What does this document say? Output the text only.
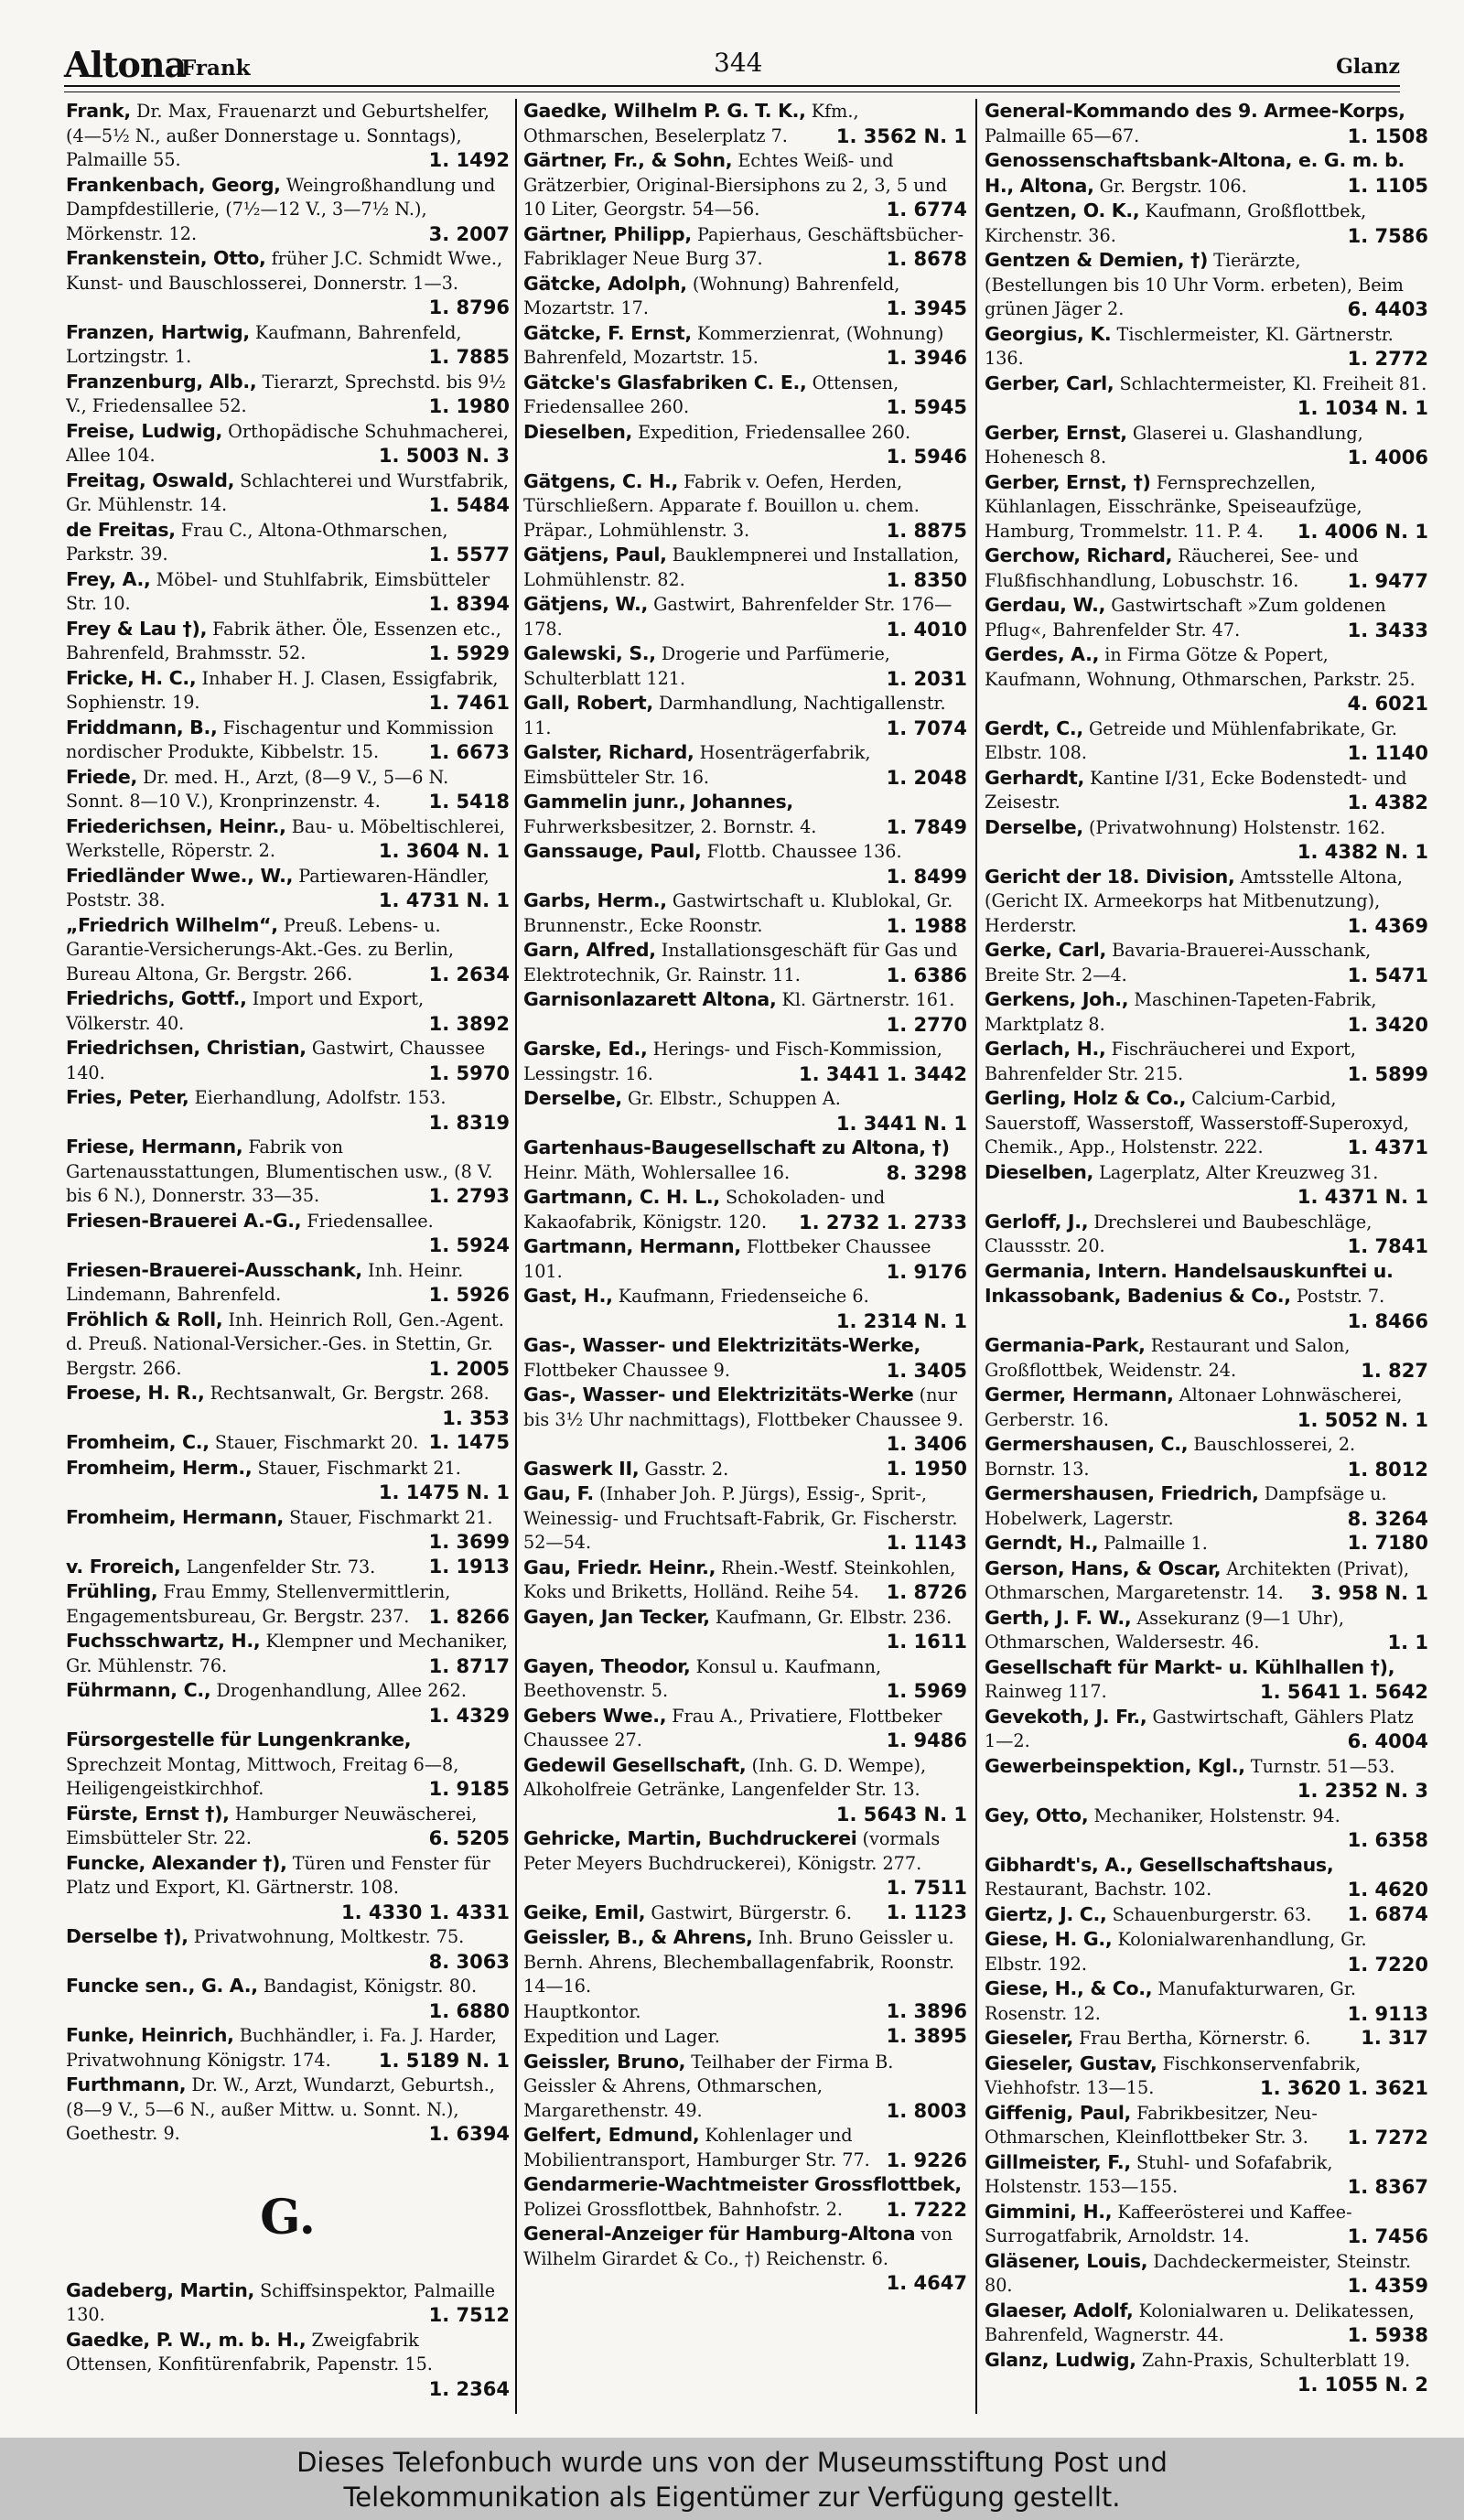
Altona
Frank	344	Glanz
Frank, Dr. Max, Frauenarzt und Geburtshelfer, (4—5½ N., außer Donnerstage u. Sonntags), Palmaille 55.	1. 1492
Frankenbach, Georg, Weingroßhandlung und Dampfdestillerie, (7½—12 V., 3—7½ N.), Mörkenstr. 12.	3. 2007
Frankenstein, Otto, früher J.C. Schmidt Wwe., Kunst- und Bauschlosserei, Donnerstr. 1—3.
1. 8796
Franzen, Hartwig, Kaufmann, Bahrenfeld, Lortzingstr. 1.	1. 7885
Franzenburg, Alb., Tierarzt, Sprechstd. bis 9½ V., Friedensallee 52.	1. 1980
Freise, Ludwig, Orthopädische Schuhmacherei, Allee 104.	1. 5003 N. 3
Freitag, Oswald, Schlachterei und Wurstfabrik, Gr. Mühlenstr. 14.	1. 5484
de Freitas, Frau C., Altona-Othmarschen, Parkstr. 39.	1. 5577
Frey, A., Möbel- und Stuhlfabrik, Eimsbütteler Str. 10.	1. 8394
Frey & Lau †), Fabrik äther. Öle, Essenzen etc., Bahrenfeld, Brahmsstr. 52.	1. 5929
Fricke, H. C., Inhaber H. J. Clasen, Essigfabrik, Sophienstr. 19.	1. 7461
Friddmann, B., Fischagentur und Kommission nordischer Produkte, Kibbelstr. 15.	1. 6673
Friede, Dr. med. H., Arzt, (8—9 V., 5—6 N. Sonnt. 8—10 V.), Kronprinzenstr. 4.	1. 5418
Friederichsen, Heinr., Bau- u. Möbeltischlerei, Werkstelle, Röperstr. 2.	1. 3604 N. 1
Friedländer Wwe., W., Partiewaren-Händler, Poststr. 38.	1. 4731 N. 1
„Friedrich Wilhelm“, Preuß. Lebens- u. Garantie-Versicherungs-Akt.-Ges. zu Berlin, Bureau Altona, Gr. Bergstr. 266.	1. 2634
Friedrichs, Gottf., Import und Export, Völkerstr. 40.	1. 3892
Friedrichsen, Christian, Gastwirt, Chaussee 140.	1. 5970
Fries, Peter, Eierhandlung, Adolfstr. 153.
1. 8319
Friese, Hermann, Fabrik von Gartenausstattungen, Blumentischen usw., (8 V. bis 6 N.), Donnerstr. 33—35.	1. 2793
Friesen-Brauerei A.-G., Friedensallee.
1. 5924
Friesen-Brauerei-Ausschank, Inh. Heinr. Lindemann, Bahrenfeld.	1. 5926
Fröhlich & Roll, Inh. Heinrich Roll, Gen.-Agent. d. Preuß. National-Versicher.-Ges. in Stettin, Gr. Bergstr. 266.	1. 2005
Froese, H. R., Rechtsanwalt, Gr. Bergstr. 268.
1. 353
Fromheim, C., Stauer, Fischmarkt 20. 1. 1475
Fromheim, Herm., Stauer, Fischmarkt 21.
1. 1475 N. 1
Fromheim, Hermann, Stauer, Fischmarkt 21.
1. 3699
v. Froreich, Langenfelder Str. 73.	1. 1913
Frühling, Frau Emmy, Stellenvermittlerin, Engagementsbureau, Gr. Bergstr. 237.	1. 8266
Fuchsschwartz, H., Klempner und Mechaniker, Gr. Mühlenstr. 76.	1. 8717
Führmann, C., Drogenhandlung, Allee 262.
1. 4329
Fürsorgestelle für Lungenkranke, Sprechzeit Montag, Mittwoch, Freitag 6—8, Heiligengeistkirchhof.	1. 9185
Fürste, Ernst †), Hamburger Neuwäscherei, Eimsbütteler Str. 22.	6. 5205
Funcke, Alexander †), Türen und Fenster für Platz und Export, Kl. Gärtnerstr. 108.
1. 4330 1. 4331
Derselbe †), Privatwohnung, Moltkestr. 75.
8. 3063
Funcke sen., G. A., Bandagist, Königstr. 80.
1. 6880
Funke, Heinrich, Buchhändler, i. Fa. J. Harder, Privatwohnung Königstr. 174.	1. 5189 N. 1
Furthmann, Dr. W., Arzt, Wundarzt, Geburtsh., (8—9 V., 5—6 N., außer Mittw. u. Sonnt. N.), Goethestr. 9.	1. 6394
G.
Gadeberg, Martin, Schiffsinspektor, Palmaille 130.	1. 7512
Gaedke, P. W., m. b. H., Zweigfabrik Ottensen, Konfitürenfabrik, Papenstr. 15.
1. 2364
Gaedke, Wilhelm P. G. T. K., Kfm., Othmarschen, Beselerplatz 7.	1. 3562 N. 1
Gärtner, Fr., & Sohn, Echtes Weiß- und Grätzerbier, Original-Biersiphons zu 2, 3, 5 und 10 Liter, Georgstr. 54—56.	1. 6774
Gärtner, Philipp, Papierhaus, Geschäftsbücher-Fabriklager Neue Burg 37.	1. 8678
Gätcke, Adolph, (Wohnung) Bahrenfeld, Mozartstr. 17.	1. 3945
Gätcke, F. Ernst, Kommerzienrat, (Wohnung) Bahrenfeld, Mozartstr. 15.	1. 3946
Gätcke's Glasfabriken C. E., Ottensen, Friedensallee 260.	1. 5945
Dieselben, Expedition, Friedensallee 260.
1. 5946
Gätgens, C. H., Fabrik v. Oefen, Herden, Türschließern. Apparate f. Bouillon u. chem. Präpar., Lohmühlenstr. 3.	1. 8875
Gätjens, Paul, Bauklempnerei und Installation, Lohmühlenstr. 82.	1. 8350
Gätjens, W., Gastwirt, Bahrenfelder Str. 176—178.	1. 4010
Galewski, S., Drogerie und Parfümerie, Schulterblatt 121.	1. 2031
Gall, Robert, Darmhandlung, Nachtigallenstr. 11.	1. 7074
Galster, Richard, Hosenträgerfabrik, Eimsbütteler Str. 16.	1. 2048
Gammelin junr., Johannes, Fuhrwerksbesitzer, 2. Bornstr. 4.	1. 7849
Ganssauge, Paul, Flottb. Chaussee 136.
1. 8499
Garbs, Herm., Gastwirtschaft u. Klublokal, Gr. Brunnenstr., Ecke Roonstr.	1. 1988
Garn, Alfred, Installationsgeschäft für Gas und Elektrotechnik, Gr. Rainstr. 11.	1. 6386
Garnisonlazarett Altona, Kl. Gärtnerstr. 161.
1. 2770
Garske, Ed., Herings- und Fisch-Kommission, Lessingstr. 16.	1. 3441 1. 3442
Derselbe, Gr. Elbstr., Schuppen A.
1. 3441 N. 1
Gartenhaus-Baugesellschaft zu Altona, †) Heinr. Mäth, Wohlersallee 16.	8. 3298
Gartmann, C. H. L., Schokoladen- und Kakaofabrik, Königstr. 120.	1. 2732 1. 2733
Gartmann, Hermann, Flottbeker Chaussee 101.	1. 9176
Gast, H., Kaufmann, Friedenseiche 6.
1. 2314 N. 1
Gas-, Wasser- und Elektrizitäts-Werke, Flottbeker Chaussee 9.	1. 3405
Gas-, Wasser- und Elektrizitäts-Werke (nur bis 3½ Uhr nachmittags), Flottbeker Chaussee 9.
1. 3406
Gaswerk II, Gasstr. 2.	1. 1950
Gau, F. (Inhaber Joh. P. Jürgs), Essig-, Sprit-, Weinessig- und Fruchtsaft-Fabrik, Gr. Fischerstr. 52—54.	1. 1143
Gau, Friedr. Heinr., Rhein.-Westf. Steinkohlen, Koks und Briketts, Holländ. Reihe 54.	1. 8726
Gayen, Jan Tecker, Kaufmann, Gr. Elbstr. 236.
1. 1611
Gayen, Theodor, Konsul u. Kaufmann, Beethovenstr. 5.	1. 5969
Gebers Wwe., Frau A., Privatiere, Flottbeker Chaussee 27.	1. 9486
Gedewil Gesellschaft, (Inh. G. D. Wempe), Alkoholfreie Getränke, Langenfelder Str. 13.
1. 5643 N. 1
Gehricke, Martin, Buchdruckerei (vormals Peter Meyers Buchdruckerei), Königstr. 277.
1. 7511
Geike, Emil, Gastwirt, Bürgerstr. 6.	1. 1123
Geissler, B., & Ahrens, Inh. Bruno Geissler u. Bernh. Ahrens, Blechemballagenfabrik, Roonstr. 14—16.
Hauptkontor.	1. 3896
Expedition und Lager.	1. 3895
Geissler, Bruno, Teilhaber der Firma B. Geissler & Ahrens, Othmarschen, Margarethenstr. 49.	1. 8003
Gelfert, Edmund, Kohlenlager und Mobilientransport, Hamburger Str. 77. 1. 9226
Gendarmerie-Wachtmeister Grossflottbek, Polizei Grossflottbek, Bahnhofstr. 2.	1. 7222
General-Anzeiger für Hamburg-Altona von Wilhelm Girardet & Co., †) Reichenstr. 6.
1. 4647
General-Kommando des 9. Armee-Korps, Palmaille 65—67.	1. 1508
Genossenschaftsbank-Altona, e. G. m. b. H., Altona, Gr. Bergstr. 106.	1. 1105
Gentzen, O. K., Kaufmann, Großflottbek, Kirchenstr. 36.	1. 7586
Gentzen & Demien, †) Tierärzte, (Bestellungen bis 10 Uhr Vorm. erbeten), Beim grünen Jäger 2.	6. 4403
Georgius, K. Tischlermeister, Kl. Gärtnerstr. 136.	1. 2772
Gerber, Carl, Schlachtermeister, Kl. Freiheit 81.
1. 1034 N. 1
Gerber, Ernst, Glaserei u. Glashandlung, Hohenesch 8.	1. 4006
Gerber, Ernst, †) Fernsprechzellen, Kühlanlagen, Eisschränke, Speiseaufzüge, Hamburg, Trommelstr. 11. P. 4.	1. 4006 N. 1
Gerchow, Richard, Räucherei, See- und Flußfischhandlung, Lobuschstr. 16.	1. 9477
Gerdau, W., Gastwirtschaft »Zum goldenen Pflug«, Bahrenfelder Str. 47.	1. 3433
Gerdes, A., in Firma Götze & Popert, Kaufmann, Wohnung, Othmarschen, Parkstr. 25.
4. 6021
Gerdt, C., Getreide und Mühlenfabrikate, Gr. Elbstr. 108.	1. 1140
Gerhardt, Kantine I/31, Ecke Bodenstedt- und Zeisestr.	1. 4382
Derselbe, (Privatwohnung) Holstenstr. 162.
1. 4382 N. 1
Gericht der 18. Division, Amtsstelle Altona, (Gericht IX. Armeekorps hat Mitbenutzung), Herderstr.	1. 4369
Gerke, Carl, Bavaria-Brauerei-Ausschank, Breite Str. 2—4.	1. 5471
Gerkens, Joh., Maschinen-Tapeten-Fabrik, Marktplatz 8.	1. 3420
Gerlach, H., Fischräucherei und Export, Bahrenfelder Str. 215.	1. 5899
Gerling, Holz & Co., Calcium-Carbid, Sauerstoff, Wasserstoff, Wasserstoff-Superoxyd, Chemik., App., Holstenstr. 222.	1. 4371
Dieselben, Lagerplatz, Alter Kreuzweg 31.
1. 4371 N. 1
Gerloff, J., Drechslerei und Baubeschläge, Claussstr. 20.	1. 7841
Germania, Intern. Handelsauskunftei u. Inkassobank, Badenius & Co., Poststr. 7.
1. 8466
Germania-Park, Restaurant und Salon, Großflottbek, Weidenstr. 24.	1. 827
Germer, Hermann, Altonaer Lohnwäscherei, Gerberstr. 16.	1. 5052 N. 1
Germershausen, C., Bauschlosserei, 2. Bornstr. 13.	1. 8012
Germershausen, Friedrich, Dampfsäge u. Hobelwerk, Lagerstr.	8. 3264
Gerndt, H., Palmaille 1.	1. 7180
Gerson, Hans, & Oscar, Architekten (Privat), Othmarschen, Margaretenstr. 14.	3. 958 N. 1
Gerth, J. F. W., Assekuranz (9—1 Uhr), Othmarschen, Waldersestr. 46.	1. 1
Gesellschaft für Markt- u. Kühlhallen †), Rainweg 117.	1. 5641 1. 5642
Gevekoth, J. Fr., Gastwirtschaft, Gählers Platz 1—2.	6. 4004
Gewerbeinspektion, Kgl., Turnstr. 51—53.
1. 2352 N. 3
Gey, Otto, Mechaniker, Holstenstr. 94.
1. 6358
Gibhardt's, A., Gesellschaftshaus, Restaurant, Bachstr. 102.	1. 4620
Giertz, J. C., Schauenburgerstr. 63.	1. 6874
Giese, H. G., Kolonialwarenhandlung, Gr. Elbstr. 192.	1. 7220
Giese, H., & Co., Manufakturwaren, Gr. Rosenstr. 12.	1. 9113
Gieseler, Frau Bertha, Körnerstr. 6.	1. 317
Gieseler, Gustav, Fischkonservenfabrik, Viehhofstr. 13—15.	1. 3620 1. 3621
Giffenig, Paul, Fabrikbesitzer, Neu-Othmarschen, Kleinflottbeker Str. 3.	1. 7272
Gillmeister, F., Stuhl- und Sofafabrik, Holstenstr. 153—155.	1. 8367
Gimmini, H., Kaffeerösterei und Kaffee-Surrogatfabrik, Arnoldstr. 14.	1. 7456
Gläsener, Louis, Dachdeckermeister, Steinstr. 80.	1. 4359
Glaeser, Adolf, Kolonialwaren u. Delikatessen, Bahrenfeld, Wagnerstr. 44.	1. 5938
Glanz, Ludwig, Zahn-Praxis, Schulterblatt 19.
1. 1055 N. 2
Dieses Telefonbuch wurde uns von der Museumsstiftung Post und
Telekommunikation als Eigentümer zur Verfügung gestellt.
